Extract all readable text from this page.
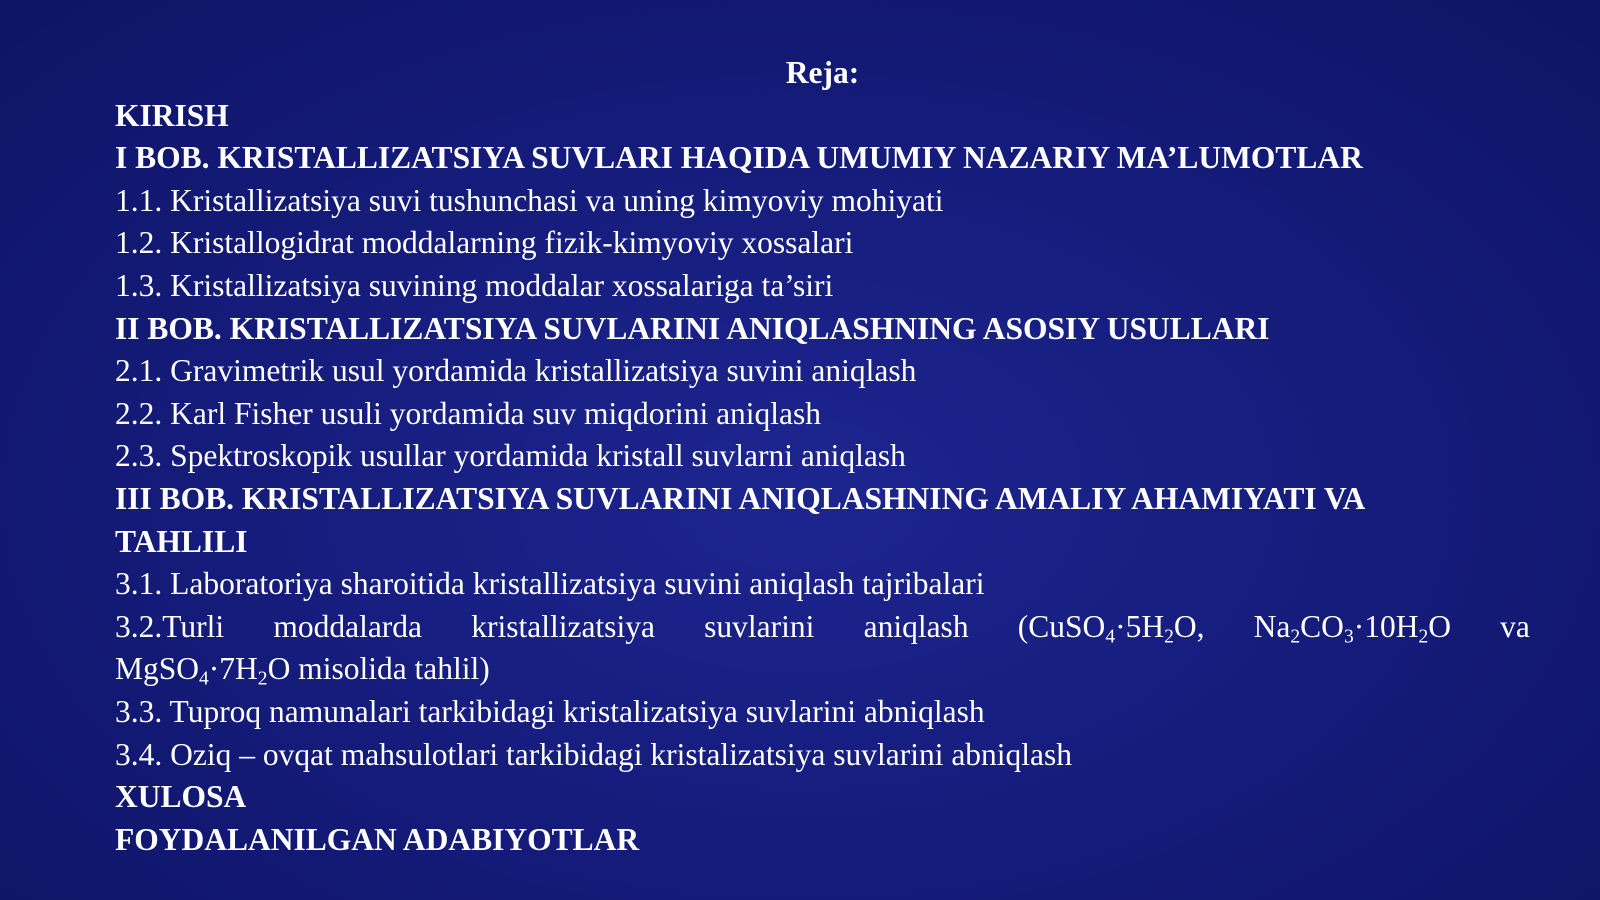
Reja:
KIRISH
I BOB. KRISTALLIZATSIYA SUVLARI HAQIDA UMUMIY NAZARIY MA’LUMOTLAR
1.1. Kristallizatsiya suvi tushunchasi va uning kimyoviy mohiyati
1.2. Kristallogidrat moddalarning fizik-kimyoviy xossalari
1.3. Kristallizatsiya suvining moddalar xossalariga ta’siri
II BOB. KRISTALLIZATSIYA SUVLARINI ANIQLASHNING ASOSIY USULLARI
2.1. Gravimetrik usul yordamida kristallizatsiya suvini aniqlash
2.2. Karl Fisher usuli yordamida suv miqdorini aniqlash
2.3. Spektroskopik usullar yordamida kristall suvlarni aniqlash
III BOB. KRISTALLIZATSIYA SUVLARINI ANIQLASHNING AMALIY AHAMIYATI VA
TAHLILI
3.1. Laboratoriya sharoitida kristallizatsiya suvini aniqlash tajribalari
3.2.Turli moddalarda kristallizatsiya suvlarini aniqlash ($CuSO_4\cdot 5H_2O$, $Na_2CO_3\cdot 10H_2O$ va
$MgSO_4\cdot 7H_2O$ misolida tahlil)
3.3. Tuproq namunalari tarkibidagi kristalizatsiya suvlarini abniqlash
3.4. Oziq – ovqat mahsulotlari tarkibidagi kristalizatsiya suvlarini abniqlash
XULOSA
FOYDALANILGAN ADABIYOTLAR
